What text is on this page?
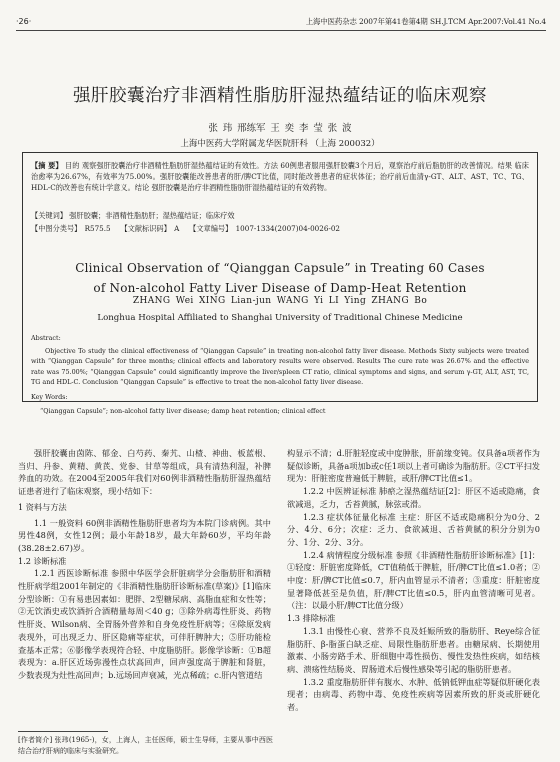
·26·	上海中医药杂志 2007年第41卷第4期 SH.J.TCM Apr.2007:Vol.41 No.4
强肝胶囊治疗非酒精性脂肪肝湿热蕴结证的临床观察
张 玮 邢练军 王 奕 李 莹 张 波
上海中医药大学附属龙华医院肝科 （上海 200032）
【摘 要】 目的 观察强肝胶囊治疗非酒精性脂肪肝湿热蕴结证的有效性。方法 60例患者服用强肝胶囊3个月后，观察治疗前后脂肪肝的改善情况。结果 临床治愈率为26.67%，有效率为75.00%。强肝胶囊能改善患者的肝/脾CT比值，同时能改善患者的症状体征；治疗前后血清γ-GT、ALT、AST、TC、TG、HDL-C的改善也有统计学意义。结论 强肝胶囊是治疗非酒精性脂肪肝湿热蕴结证的有效药物。
【关键词】 强肝胶囊；非酒精性脂肪肝；湿热蕴结证；临床疗效
【中图分类号】 R575.5 【文献标识码】 A 【文章编号】 1007-1334(2007)04-0026-02
Clinical Observation of “Qianggan Capsule” in Treating 60 Cases
of Non-alcohol Fatty Liver Disease of Damp-Heat Retention
ZHANG Wei XING Lian-jun WANG Yi LI Ying ZHANG Bo
Longhua Hospital Affiliated to Shanghai University of Traditional Chinese Medicine
Abstract:
Objective To study the clinical effectiveness of “Qianggan Capsule” in treating non-alcohol fatty liver disease. Methods Sixty subjects were treated with “Qianggan Capsule” for three months; clinical effects and laboratory results were observed. Results The cure rate was 26.67% and the effective rate was 75.00%; “Qianggan Capsule” could significantly improve the liver/spleen CT ratio, clinical symptoms and signs, and serum γ-GT, ALT, AST, TC, TG and HDL-C. Conclusion “Qianggan Capsule” is effective to treat the non-alcohol fatty liver disease.
Key Words:
“Qianggan Capsule”; non-alcohol fatty liver disease; damp heat retention; clinical effect

强肝胶囊由茵陈、郁金、白芍药、秦艽、山楂、神曲、板蓝根、当归、丹参、黄精、黄芪、党参、甘草等组成，具有清热利湿，补脾养血的功效。在2004至2005年我们对60例非酒精性脂肪肝湿热蕴结证患者进行了临床观察，现小结如下：

1 资料与方法

1.1 一般资料 60例非酒精性脂肪肝患者均为本院门诊病例。其中男性48例，女性12例；最小年龄18岁，最大年龄60岁，平均年龄(38.28±2.67)岁。

1.2 诊断标准

1.2.1 西医诊断标准 参照中华医学会肝脏病学分会脂肪肝和酒精性肝病学组2001年制定的《非酒精性脂肪肝诊断标准(草案)》[1]临床分型诊断：①有易患因素如：肥胖、2型糖尿病、高脂血症和女性等；②无饮酒史或饮酒折合酒精量每周＜40 g；③除外病毒性肝炎、药物性肝炎、Wilson病、全胃肠外营养和自身免疫性肝病等；④除原发病表现外，可出现乏力、肝区隐痛等症状，可伴肝脾肿大；⑤肝功能检查基本正常；⑥影像学表现符合轻、中度脂肪肝。影像学诊断：①B超表现为：a.肝区近场弥漫性点状高回声，回声强度高于脾脏和肾脏，少数表现为灶性高回声；b.远场回声衰减，光点稀疏；c.肝内管道结

构显示不清；d.肝脏轻度或中度肿胀，肝前缘变钝。仅具备a项者作为疑似诊断，具备a项加b或c任1项以上者可确诊为脂肪肝。②CT平扫发现为：肝脏密度普遍低于脾脏，或肝/脾CT比值≤1。

1.2.2 中医辨证标准 肺瘀之湿热蕴结证[2]：肝区不适或隐痛，食欲减退，乏力，舌苔黄腻，脉弦或滑。

1.2.3 症状体征量化标准 主症：肝区不适或隐痛积分为0分、2分、4分、6分；次症：乏力、食欲减退、舌苔黄腻的积分分别为0分、1分、2分、3分。

1.2.4 病情程度分级标准 参照《非酒精性脂肪肝诊断标准》[1]：①轻度：肝脏密度降低，CT值稍低于脾脏，肝/脾CT比值≤1.0者；②中度：肝/脾CT比值≤0.7，肝内血管显示不清者；③重度：肝脏密度显著降低甚至是负值，肝/脾CT比值≤0.5，肝内血管清晰可见者。（注：以最小肝/脾CT比值分级）

1.3 排除标准

1.3.1 由慢性心衰、营养不良及妊娠所致的脂肪肝、Reye综合征脂肪肝、β-脂蛋白缺乏症、局限性脂肪肝患者。由糖尿病、长期使用激素、小肠旁路手术、肝细胞中毒性损伤、慢性发热性疾病，如结核病、溃疡性结肠炎、胃肠道术后慢性感染等引起的脂肪肝患者。

1.3.2 重度脂肪肝伴有腹水、水肿、低钠低钾血症等疑似肝硬化表现者；由病毒、药物中毒、免疫性疾病等因素所致的肝炎或肝硬化者。

[作者简介] 张玮(1965-)，女，上海人，主任医师，硕士生导师，主要从事中西医结合治疗肝病的临床与实验研究。
